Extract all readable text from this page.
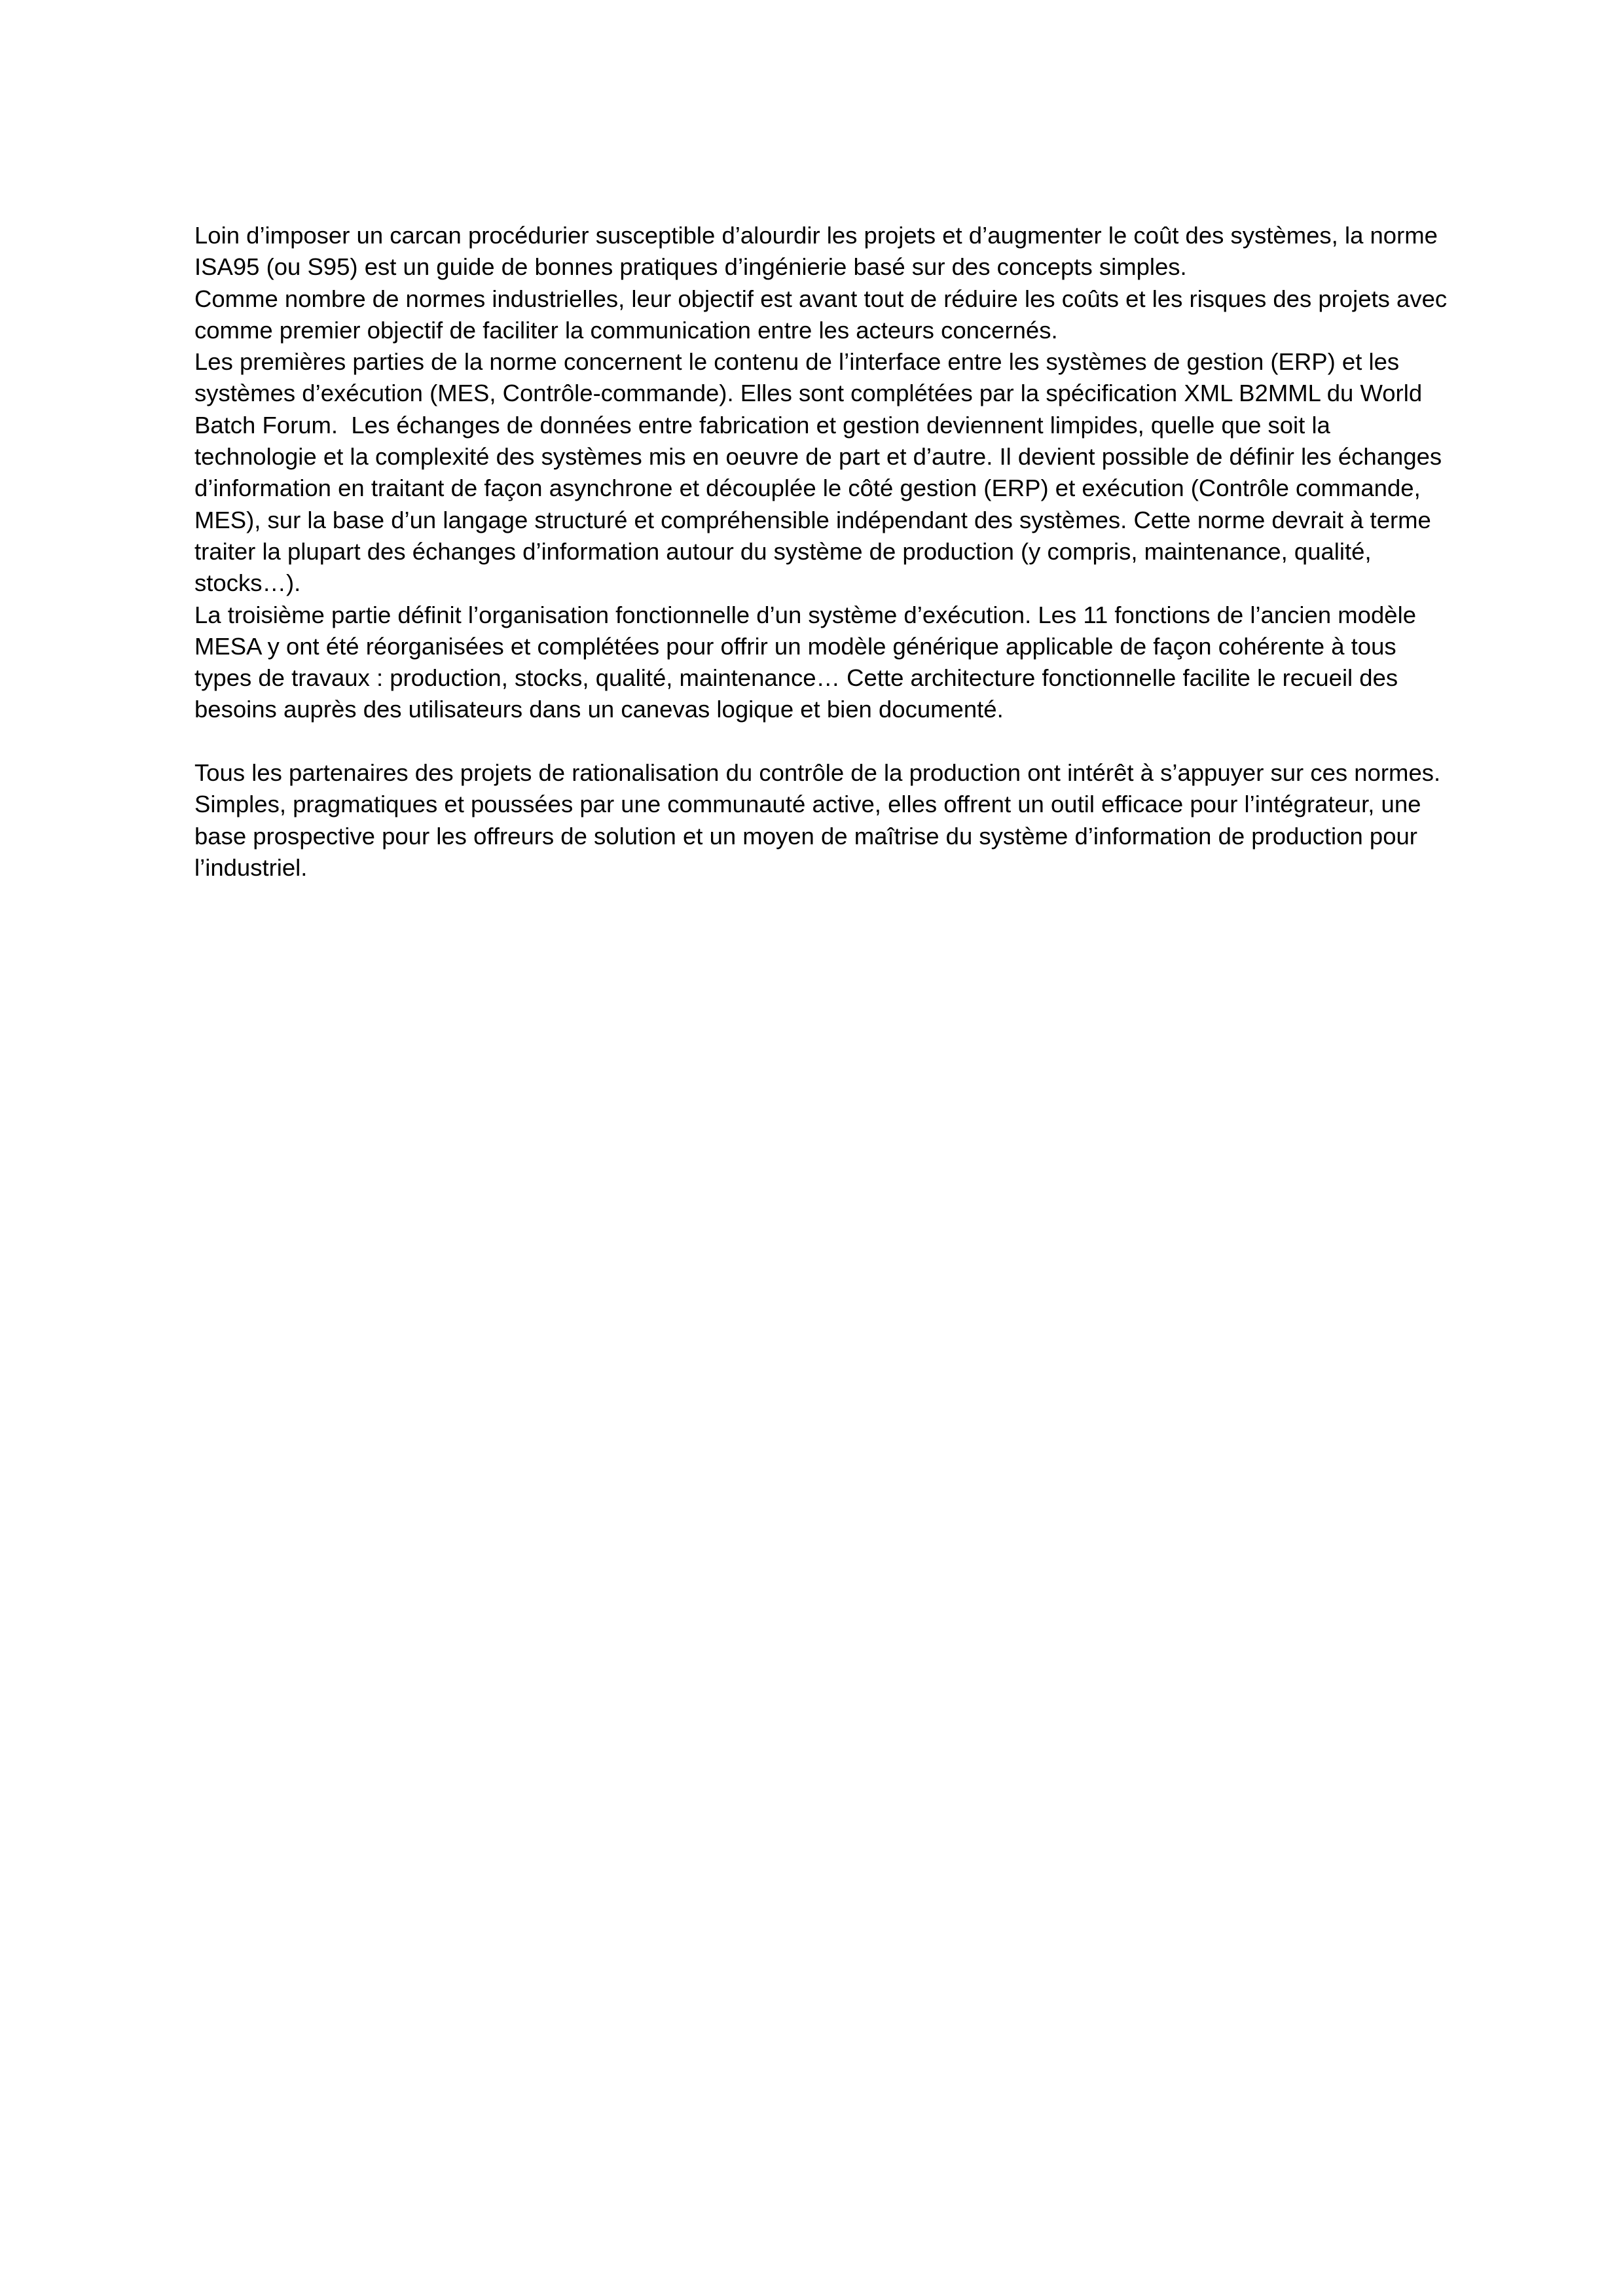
Loin d’imposer un carcan procédurier susceptible d’alourdir les projets et d’augmenter le coût des systèmes, la norme ISA95 (ou S95) est un guide de bonnes pratiques d’ingénierie basé sur des concepts simples.

Comme nombre de normes industrielles, leur objectif est avant tout de réduire les coûts et les risques des projets avec comme premier objectif de faciliter la communication entre les acteurs concernés.

Les premières parties de la norme concernent le contenu de l’interface entre les systèmes de gestion (ERP) et les systèmes d’exécution (MES, Contrôle-commande). Elles sont complétées par la spécification XML B2MML du World Batch Forum.  Les échanges de données entre fabrication et gestion deviennent limpides, quelle que soit la technologie et la complexité des systèmes mis en oeuvre de part et d’autre. Il devient possible de définir les échanges d’information en traitant de façon asynchrone et découplée le côté gestion (ERP) et exécution (Contrôle commande, MES), sur la base d’un langage structuré et compréhensible indépendant des systèmes. Cette norme devrait à terme traiter la plupart des échanges d’information autour du système de production (y compris, maintenance, qualité, stocks…).

La troisième partie définit l’organisation fonctionnelle d’un système d’exécution. Les 11 fonctions de l’ancien modèle MESA y ont été réorganisées et complétées pour offrir un modèle générique applicable de façon cohérente à tous types de travaux : production, stocks, qualité, maintenance… Cette architecture fonctionnelle facilite le recueil des besoins auprès des utilisateurs dans un canevas logique et bien documenté.

Tous les partenaires des projets de rationalisation du contrôle de la production ont intérêt à s’appuyer sur ces normes. Simples, pragmatiques et poussées par une communauté active, elles offrent un outil efficace pour l’intégrateur, une base prospective pour les offreurs de solution et un moyen de maîtrise du système d’information de production pour l’industriel.
